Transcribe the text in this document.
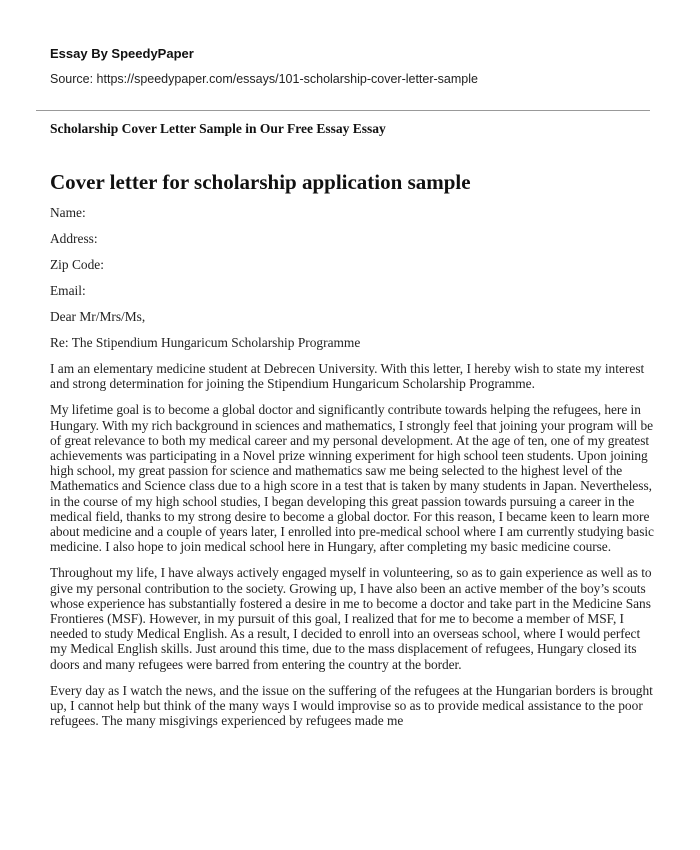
Essay By SpeedyPaper
Source: https://speedypaper.com/essays/101-scholarship-cover-letter-sample
Scholarship Cover Letter Sample in Our Free Essay Essay
Cover letter for scholarship application sample

Name:

Address:

Zip Code:

Email:

Dear Mr/Mrs/Ms,

Re: The Stipendium Hungaricum Scholarship Programme

I am an elementary medicine student at Debrecen University. With this letter, I hereby wish to state my interest and strong determination for joining the Stipendium Hungaricum Scholarship Programme.

My lifetime goal is to become a global doctor and significantly contribute towards helping the refugees, here in Hungary. With my rich background in sciences and mathematics, I strongly feel that joining your program will be of great relevance to both my medical career and my personal development. At the age of ten, one of my greatest achievements was participating in a Novel prize winning experiment for high school teen students. Upon joining high school, my great passion for science and mathematics saw me being selected to the highest level of the Mathematics and Science class due to a high score in a test that is taken by many students in Japan. Nevertheless, in the course of my high school studies, I began developing this great passion towards pursuing a career in the medical field, thanks to my strong desire to become a global doctor. For this reason, I became keen to learn more about medicine and a couple of years later, I enrolled into pre-medical school where I am currently studying basic medicine. I also hope to join medical school here in Hungary, after completing my basic medicine course.

Throughout my life, I have always actively engaged myself in volunteering, so as to gain experience as well as to give my personal contribution to the society. Growing up, I have also been an active member of the boy’s scouts whose experience has substantially fostered a desire in me to become a doctor and take part in the Medicine Sans Frontieres (MSF). However, in my pursuit of this goal, I realized that for me to become a member of MSF, I needed to study Medical English. As a result, I decided to enroll into an overseas school, where I would perfect my Medical English skills. Just around this time, due to the mass displacement of refugees, Hungary closed its doors and many refugees were barred from entering the country at the border.

Every day as I watch the news, and the issue on the suffering of the refugees at the Hungarian borders is brought up, I cannot help but think of the many ways I would improvise so as to provide medical assistance to the poor refugees. The many misgivings experienced by refugees made me
